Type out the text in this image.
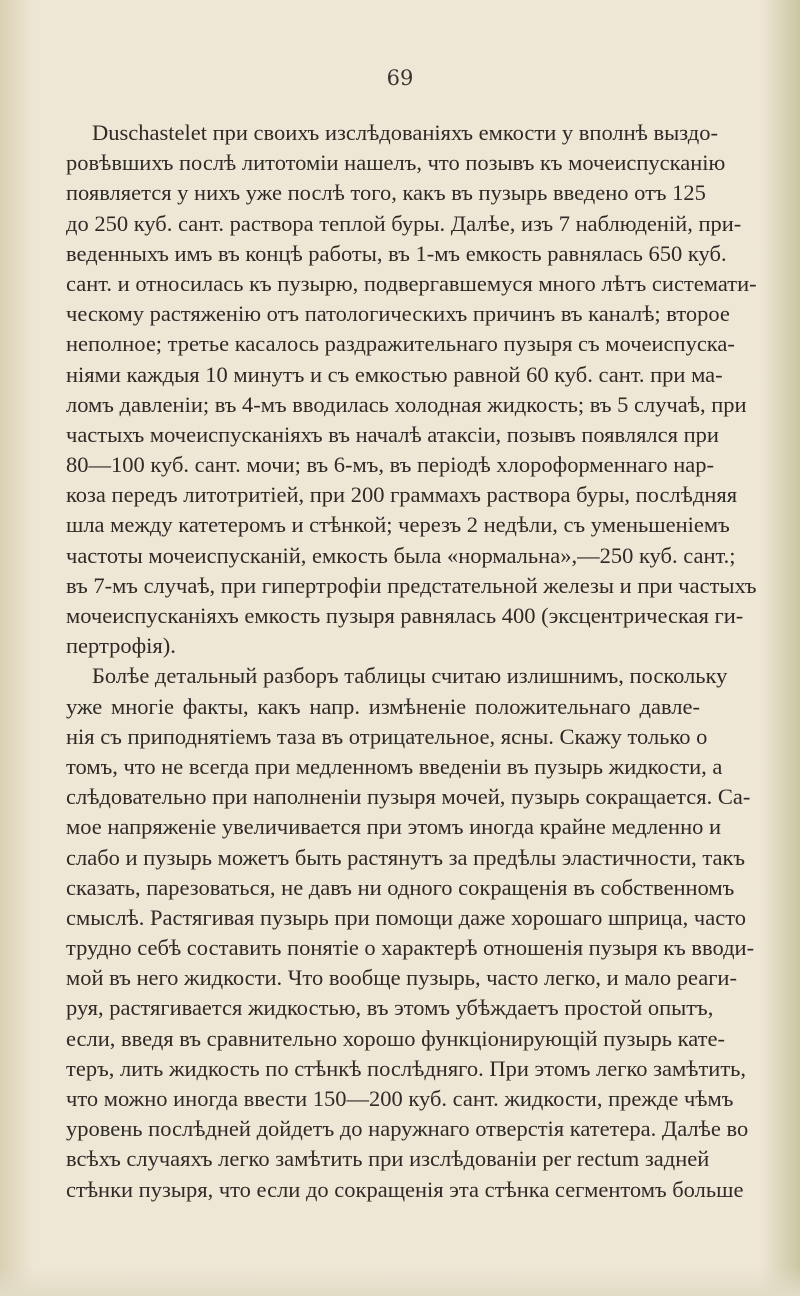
69

Duschastelet при своихъ изслѣдованіяхъ емкости у вполнѣ выздо-
ровѣвшихъ послѣ литотоміи нашелъ, что позывъ къ мочеиспусканію
появляется у нихъ уже послѣ того, какъ въ пузырь введено отъ 125
до 250 куб. сант. раствора теплой буры. Далѣе, изъ 7 наблюденій, при-
веденныхъ имъ въ концѣ работы, въ 1-мъ емкость равнялась 650 куб.
сант. и относилась къ пузырю, подвергавшемуся много лѣтъ системати-
ческому растяженію отъ патологическихъ причинъ въ каналѣ; второе
неполное; третье касалось раздражительнаго пузыря съ мочеиспуска-
ніями каждыя 10 минутъ и съ емкостью равной 60 куб. сант. при ма-
ломъ давленіи; въ 4-мъ вводилась холодная жидкость; въ 5 случаѣ, при
частыхъ мочеиспусканіяхъ въ началѣ атаксіи, позывъ появлялся при
80—100 куб. сант. мочи; въ 6-мъ, въ періодѣ хлороформеннаго нар-
коза передъ литотритіей, при 200 граммахъ раствора буры, послѣдняя
шла между катетеромъ и стѣнкой; черезъ 2 недѣли, съ уменьшеніемъ
частоты мочеиспусканій, емкость была «нормальна»,—250 куб. сант.;
въ 7-мъ случаѣ, при гипертрофіи предстательной железы и при частыхъ
мочеиспусканіяхъ емкость пузыря равнялась 400 (эксцентрическая ги-
пертрофія).
Болѣе детальный разборъ таблицы считаю излишнимъ, поскольку
уже многіе факты, какъ напр. измѣненіе положительнаго давле-
нія съ приподнятіемъ таза въ отрицательное, ясны. Скажу только о
томъ, что не всегда при медленномъ введеніи въ пузырь жидкости, а
слѣдовательно при наполненіи пузыря мочей, пузырь сокращается. Са-
мое напряженіе увеличивается при этомъ иногда крайне медленно и
слабо и пузырь можетъ быть растянутъ за предѣлы эластичности, такъ
сказать, парезоваться, не давъ ни одного сокращенія въ собственномъ
смыслѣ. Растягивая пузырь при помощи даже хорошаго шприца, часто
трудно себѣ составить понятіе о характерѣ отношенія пузыря къ вводи-
мой въ него жидкости. Что вообще пузырь, часто легко, и мало реаги-
руя, растягивается жидкостью, въ этомъ убѣждаетъ простой опытъ,
если, введя въ сравнительно хорошо функціонирующій пузырь кате-
теръ, лить жидкость по стѣнкѣ послѣдняго. При этомъ легко замѣтить,
что можно иногда ввести 150—200 куб. сант. жидкости, прежде чѣмъ
уровень послѣдней дойдетъ до наружнаго отверстія катетера. Далѣе во
всѣхъ случаяхъ легко замѣтить при изслѣдованіи per rectum задней
стѣнки пузыря, что если до сокращенія эта стѣнка сегментомъ больше
